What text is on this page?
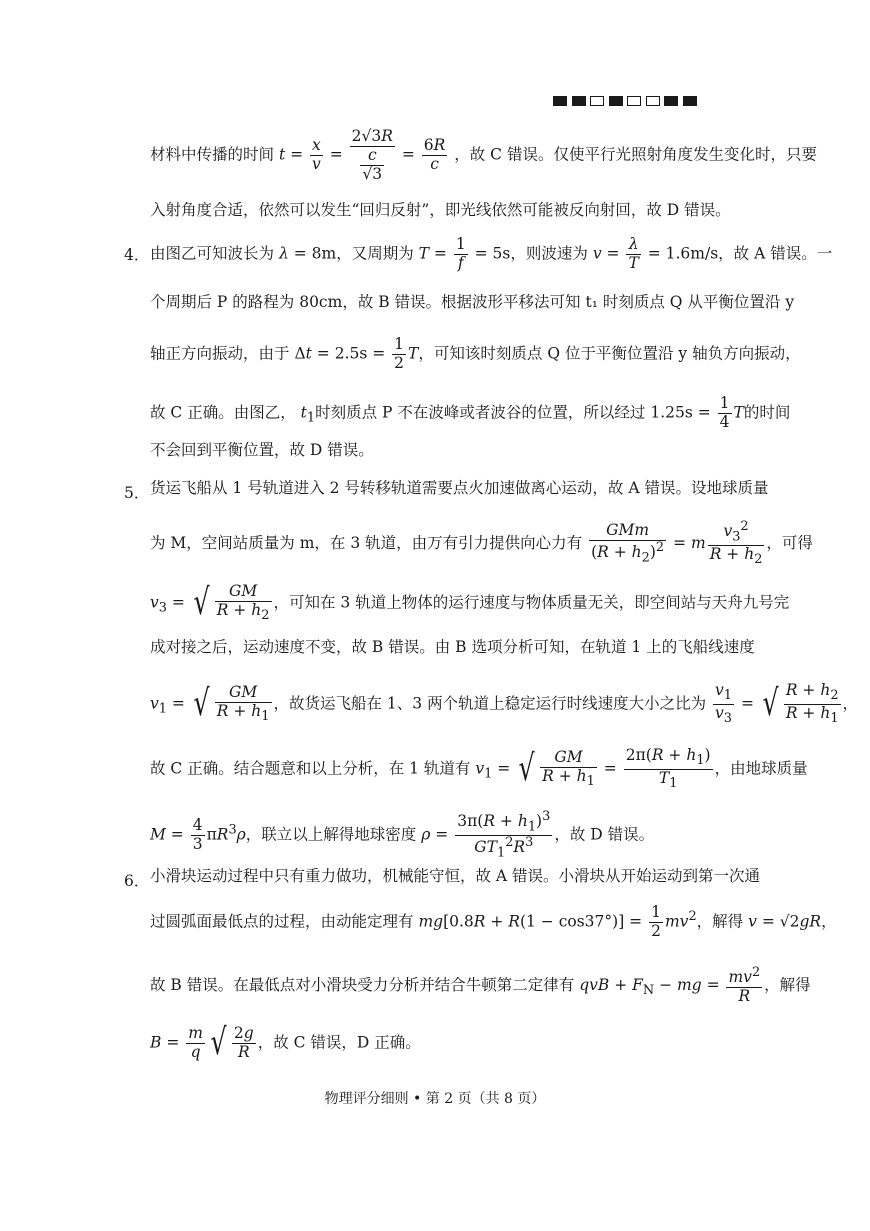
材料中传播的时间 $t = \frac{x}{v} = \frac{2√3R}{\frac{c}{√3}} = \frac{6R}{c}$ ，故 C 错误。仅使平行光照射角度发生变化时，只要
入射角度合适，依然可以发生“回归反射”，即光线依然可能被反向射回，故 D 错误。
4． 由图乙可知波长为 λ = 8m，又周期为 $T = \frac{1}{f} = 5s$，则波速为 $v = \frac{\lambda}{T} = 1.6m/s$，故 A 错误。一
个周期后 P 的路程为 80cm，故 B 错误。根据波形平移法可知 t₁ 时刻质点 Q 从平衡位置沿 y
轴正方向振动，由于 $\Delta t = 2.5s = \frac{1}{2}$ T，可知该时刻质点 Q 位于平衡位置沿 y 轴负方向振动，
故 C 正确。由图乙， $t_1$时刻质点 P 不在波峰或者波谷的位置，所以经过 $1.25s = \frac{1}{4}$ T的时间
不会回到平衡位置，故 D 错误。
5． 货运飞船从 1 号轨道进入 2 号转移轨道需要点火加速做离心运动，故 A 错误。设地球质量
为 M，空间站质量为 m，在 3 轨道，由万有引力提供向心力有 $\frac{\text{GMm}}{(R + h_2)^2} = m \frac{v_3^2}{R + h_2}$ ，可得
$v_3$ = √ $\frac{GM}{R + h_2}$ ，可知在 3 轨道上物体的运行速度与物体质量无关，即空间站与天舟九号完
成对接之后，运动速度不变，故 B 错误。由 B 选项分析可知，在轨道 1 上的飞船线速度
$v_1$ = √ $\frac{GM}{R + h_1}$ ，故货运飞船在 1、3 两个轨道上稳定运行时线速度大小之比为 $\frac{v_1}{v_3}$ = √ $\frac{R + h_2}{R + h_1}$ ，
故 C 正确。结合题意和以上分析，在 1 轨道有 $v_1$ = √ $\frac{GM}{R + h_1} = \frac{2\pi(R + h_1)}{T_1}$ ，由地球质量
$M = \frac{4}{3} \pi R^3\rho$，联立以上解得地球密度 $\rho = \frac{3\pi(R + h_1)^3}{GT_1^2R^3}$ ，故 D 错误。
6． 小滑块运动过程中只有重力做功，机械能守恒，故 A 错误。小滑块从开始运动到第一次通
过圆弧面最低点的过程，由动能定理有 $mg[0.8R + R(1 - \cos 37^\circ)] = \frac{1}{2} mv^2$，解得 v = √2gR，
故 B 错误。在最低点对小滑块受力分析并结合牛顿第二定律有 qvB + $F_N$ − mg = $\frac{mv^2}{R}$ ，解得
$B = \frac{m}{q}$ √ $\frac{2g}{R}$ ，故 C 错误，D 正确。
物理评分细则 • 第 2 页（共 8 页）
